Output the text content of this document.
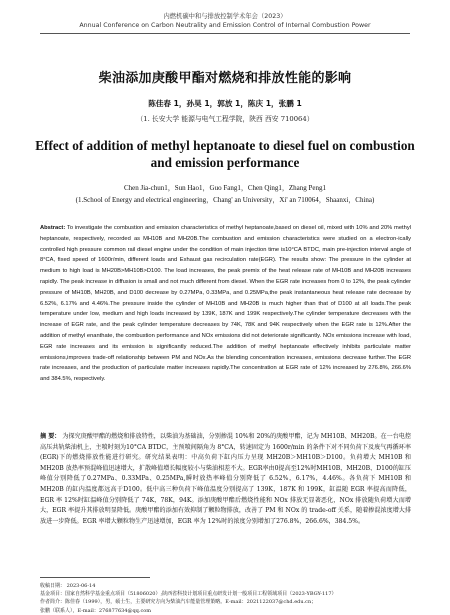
内燃机碳中和与排放控制学术年会（2023）
Annual Conference on Carbon Neutrality and Emission Control of Internal Combustion Power
柴油添加庚酸甲酯对燃烧和排放性能的影响
陈佳春 1，孙昊 1，郭放 1，陈庆 1，张鹏 1
（1. 长安大学 能源与电气工程学院，陕西 西安 710064）
Effect of addition of methyl heptanoate to diesel fuel on combustion and emission performance
Chen Jia-chun1，Sun Hao1，Guo Fang1，Chen Qing1，Zhang Peng1
(1.School of Energy and electrical engineering，Chang' an University，Xi' an 710064，Shaanxi，China)
Abstract: To investigate the combustion and emission characteristics of methyl heptanoate,based on diesel oil, mixed with 10% and 20% methyl heptanoate, respectively, recorded as MH10B and MH20B.The combustion and emission characteristics were studied on a electron-ically controlled high pressure common rail diesel engine under the condition of main injection time is10°CA BTDC, main pre-injection interval angle of 8°CA, fixed speed of 1600r/min, different loads and Exhaust gas recirculation rate(EGR). The results show: The pressure in the cylinder at medium to high load is MH20B>MH10B>D100. The load increases, the peak premix of the heat release rate of MH10B and MH20B increases rapidly. The peak increase in diffusion is small and not much different from diesel. When the EGR rate increases from 0 to 12%, the peak cylinder pressure of MH10B, MH20B, and D100 decrease by 0.27MPa, 0.33MPa, and 0.25MPa,the peak instantaneous heat release rate decrease by 6.52%, 6.17% and 4.46%.The pressure inside the cylinder of MH10B and MH20B is much higher than that of D100 at all loads.The peak temperature under low, medium and high loads increased by 139K, 187K and 199K respectively.The cylinder temperature decreases with the increase of EGR rate, and the peak cylinder temperature decreases by 74K, 78K and 94K respectively when the EGR rate is 12%.After the addition of methyl enanthate, the combustion performance and NOx emissions did not deteriorate significantly. NOx emissions increase with load, EGR rate increases and its emission is significantly reduced.The addition of methyl heptanoate effectively inhibits particulate matter emissions,improves trade-off relationship between PM and NOx.As the blending concentration increases, emissions decrease further.The EGR rate increases, and the production of particulate matter increases rapidly.The concentration at EGR rate of 12% increased by 276.8%, 266.6% and 384.5%, respectively.
摘 要： 为探究庚酸甲酯的燃烧和排放特性，以柴油为基础油，分别掺混 10%和 20%的庚酸甲酯，记为 MH10B、MH20B。在一台电控高压共轨柴油机上，主喷时刻为10°CA BTDC，主预喷间隔角为 8°CA，转速固定为 1600r/min 的条件下对不同负荷下及废气再循环率(EGR)下的燃烧排放性能进行研究。研究结果表明：中高负荷下缸内压力呈现 MH20B＞MH10B＞D100。负荷增大 MH10B 和 MH20B 放热率预混峰值迅速增大，扩散峰值增长幅度较小与柴油相差不大。EGR率由0提高至12%时MH10B、MH20B、D100的缸压峰值分别降低了0.27MPa、0.33MPa、0.25MPa,瞬时放热率峰值分别降低了 6.52%，6.17%，4.46%。各负荷下 MH10B 和 MH20B 的缸内温度都远高于D100。低中高三种负荷下峰值温度分别提高了 139K，187K 和 199K，缸温随 EGR 率提高而降低，EGR 率 12%时缸温峰值分别降低了 74K，78K，94K。添加庚酸甲酯后燃烧性能和 NOx 排放无显著恶化，NOx 排放随负荷增大而增大，EGR 率提升其排放明显降低。庚酸甲酯的添加有效抑制了颗粒物排放，改善了 PM 和 NOx 的 trade-off 关系，随着掺混浓度增大排放进一步降低。EGR 率增大颗粒物生产迅速增加，EGR 率为 12%时的浓度分别增加了276.8%，266.6%，384.5%。
收稿日期： 2023-06-14
基金项目：国家自然科学基金重点项目（51806020）;陕西省科技计划项目重点研发计划一般项目工程领域项目（2023-YBGY-117）
作者简介：陈佳春（1999），男，硕士生，主要研究方向为柴油汽车能量管理策略。E-mail：2021122037@chd.edu.cn；
张鹏（联系人），E-mail：276877634@qq.com
